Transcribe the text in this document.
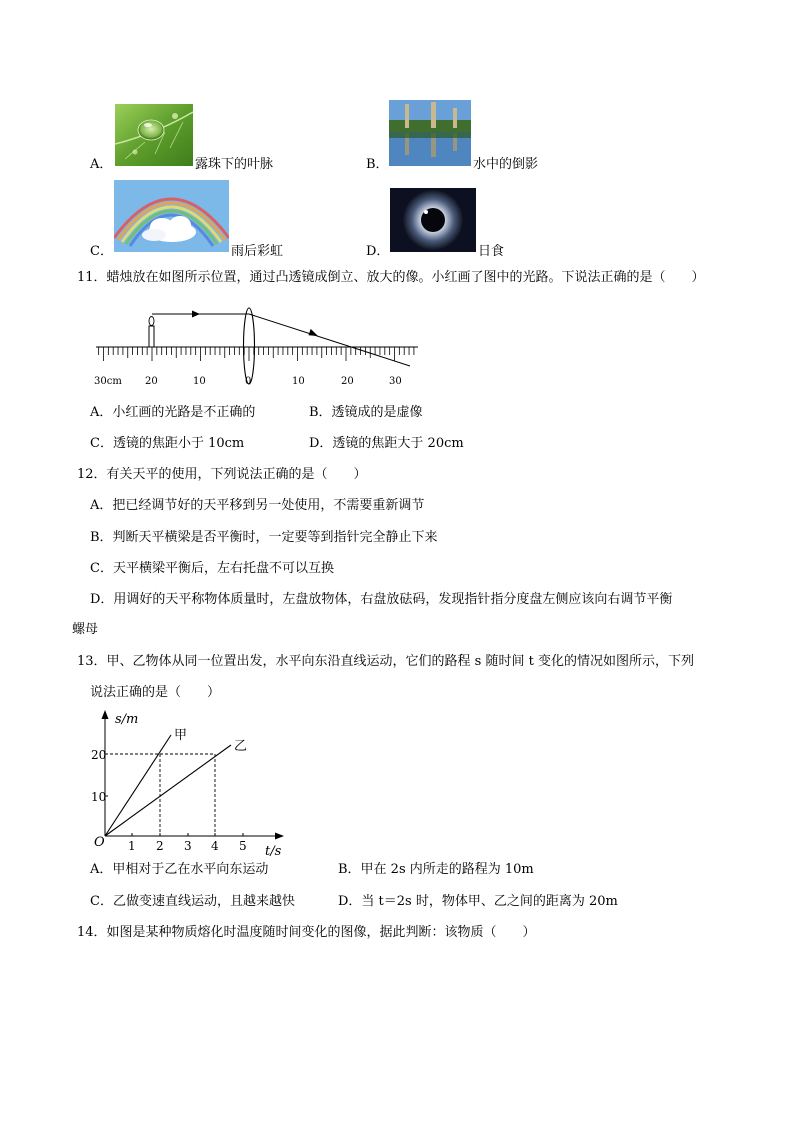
A．	露珠下的叶脉	B．	水中的倒影
C．	雨后彩虹	D．	日食
11．蜡烛放在如图所示位置，通过凸透镜成倒立、放大的像。小红画了图中的光路。下说法正确的是（　　）
30cm 20	10	0	10	20	30
A．小红画的光路是不正确的	B．透镜成的是虚像
C．透镜的焦距小于 10cm	D．透镜的焦距大于 20cm
12．有关天平的使用，下列说法正确的是（　　）
A．把已经调节好的天平移到另一处使用，不需要重新调节
B．判断天平横梁是否平衡时，一定要等到指针完全静止下来
C．天平横梁平衡后，左右托盘不可以互换
D．用调好的天平称物体质量时，左盘放物体，右盘放砝码，发现指针指分度盘左侧应该向右调节平衡
螺母
13．甲、乙物体从同一位置出发，水平向东沿直线运动，它们的路程 s 随时间 t 变化的情况如图所示，下列
说法正确的是（　　）
s/m
t/s
O
10
20
1 2 3 4 5
甲
乙
A．甲相对于乙在水平向东运动	B．甲在 2s 内所走的路程为 10m
C．乙做变速直线运动，且越来越快	D．当 t＝2s 时，物体甲、乙之间的距离为 20m
14．如图是某种物质熔化时温度随时间变化的图像，据此判断：该物质（　　）
